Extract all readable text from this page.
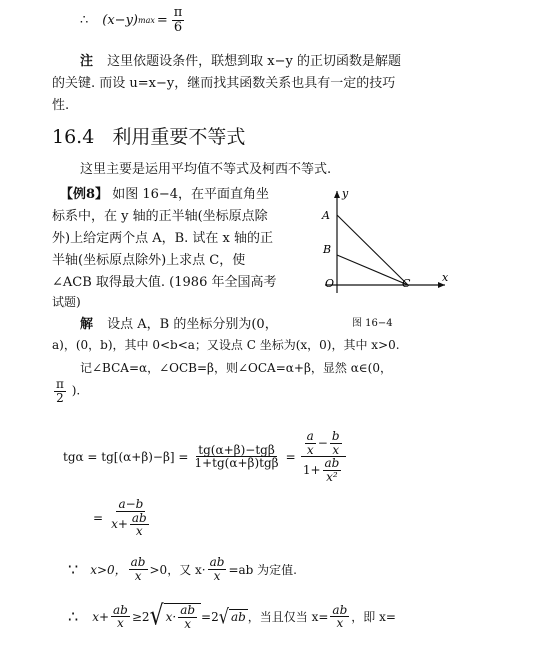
∴ (x−y) $\max = \frac{\pi}{6}$
注 这里依题设条件，联想到取 x−y 的正切函数是解题
的关键. 而设 u=x−y，继而找其函数关系也具有一定的技巧
性.
16.4 利用重要不等式
这里主要是运用平均值不等式及柯西不等式.
【例8】 如图 16−4，在平面直角坐
标系中，在 y 轴的正半轴(坐标原点除
外)上给定两个点 A，B. 试在 x 轴的正
半轴(坐标原点除外)上求点 C，使
∠ACB 取得最大值. (1986 年全国高考
试题)
y
x
A
B
O	C
图 16−4
解 设点 A，B 的坐标分别为(0，
a)，(0，b)，其中 0<b<a；又设点 C 坐标为(x，0)，其中 x>0.
记∠BCA=α，∠OCB=β，则∠OCA=α+β，显然 α∈(0，
$\frac{\pi}{2}$ ).
$tg\alpha = tg[(\alpha+\beta)-\beta] = \frac{\text{tg(α+β)−tgβ}}{\text{1+tg(α+β)tgβ}} = \frac{\frac{a}{x} - \frac{b}{x}}{1+ \frac{ab}{\text{x²}}}$
= $\frac{a-b}{x+ \frac{ab}{x}}$
∵ x>0， $\frac{ab}{x} >0$，又 $x\cdot \frac{ab}{x} =ab$ 为定值.
∴ $x+ \frac{ab}{x} \ge 2$ √ $x\cdot \frac{ab}{x} =2$ √ ab ，当且仅当 $x= \frac{ab}{x}$ ，即 x=
